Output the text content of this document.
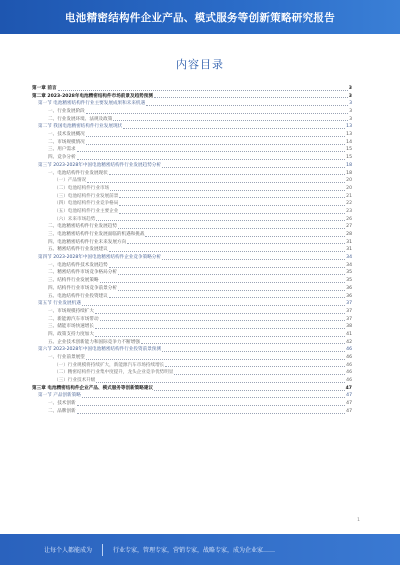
电池精密结构件企业产品、模式服务等创新策略研究报告
内容目录
第一章 前言	3
第二章 2023-2028年电池精密结构件市场前景及趋势预测	3
第一节 电池精密结构件行业主要发展成果和未来机遇	3
一、行业发展阶段	3
二、行业发展环境、法规及政策	3
第二节 我国电池精密结构件行业发展现状	13
一、技术发展概况	13
二、市场规模情况	14
三、用户需求	15
四、竞争分析	15
第三节 2023-2028年中国电池精密结构件行业发展趋势分析	18
一、电池结构件行业发展现状	18
（一）产品情况	20
（二）电池结构件行业市场	20
（三）电池结构件行业发展前景	21
（四）电池结构件行业竞争格局	22
（五）电池结构件行业主要企业	23
（六）未来市场趋势	26
二、电池精密结构件行业发展趋势	27
三、电池精密结构件行业发展面临的机遇和挑战	28
四、电池精密结构件行业未来发展方向	31
五、精密结构件行业发展建议	31
第四节 2023-2028年中国电池精密结构件企业竞争策略分析	34
一、电池结构件技术发展趋势	34
二、精密结构件市场竞争格局分析	35
三、结构件行业发展策略	35
四、结构件行业市场竞争前景分析	36
五、电池结构件行业投资建议	36
第五节 行业发展机遇	37
一、市场规模持续扩大	37
二、新能源汽车市场带动	37
三、储能市场快速增长	38
四、政策支持力度加大	41
五、企业技术创新能力和国际竞争力不断增强	42
第六节 2023-2028年中国电池精密结构件行业投资前景预测	46
一、行业前景展望	46
（一）行业规模将持续扩大，新能源汽车市场持续增长	46
（二）精密结构件行业集中度提升，龙头企业竞争优势明显	46
（三）行业技术升级	46
第三章 电池精密结构件企业产品、模式服务等创新策略建议	47
第一节 产品创新策略	47
一、技术创新	47
二、品牌创新	47
1
让每个人都能成为	行业专家，管理专家，营销专家，战略专家，成为企业家……
